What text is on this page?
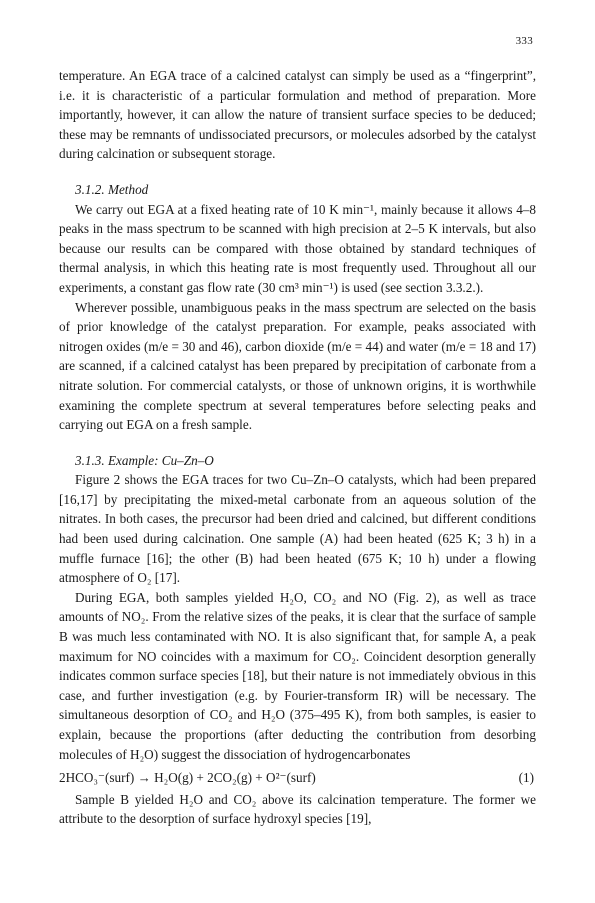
333

temperature. An EGA trace of a calcined catalyst can simply be used as a “fingerprint”, i.e. it is characteristic of a particular formulation and method of preparation. More importantly, however, it can allow the nature of transient surface species to be deduced; these may be remnants of undissociated precursors, or molecules adsorbed by the catalyst during calcination or subsequent storage.

3.1.2. Method

We carry out EGA at a fixed heating rate of 10 K min⁻¹, mainly because it allows 4–8 peaks in the mass spectrum to be scanned with high precision at 2–5 K intervals, but also because our results can be compared with those obtained by standard techniques of thermal analysis, in which this heating rate is most frequently used. Throughout all our experiments, a constant gas flow rate (30 cm³ min⁻¹) is used (see section 3.3.2.).

Wherever possible, unambiguous peaks in the mass spectrum are selected on the basis of prior knowledge of the catalyst preparation. For example, peaks associated with nitrogen oxides (m/e = 30 and 46), carbon dioxide (m/e = 44) and water (m/e = 18 and 17) are scanned, if a calcined catalyst has been prepared by precipitation of carbonate from a nitrate solution. For commercial catalysts, or those of unknown origins, it is worthwhile examining the complete spectrum at several temperatures before selecting peaks and carrying out EGA on a fresh sample.

3.1.3. Example: Cu–Zn–O

Figure 2 shows the EGA traces for two Cu–Zn–O catalysts, which had been prepared [16,17] by precipitating the mixed-metal carbonate from an aqueous solution of the nitrates. In both cases, the precursor had been dried and calcined, but different conditions had been used during calcination. One sample (A) had been heated (625 K; 3 h) in a muffle furnace [16]; the other (B) had been heated (675 K; 10 h) under a flowing atmosphere of O₂ [17].

During EGA, both samples yielded H₂O, CO₂ and NO (Fig. 2), as well as trace amounts of NO₂. From the relative sizes of the peaks, it is clear that the surface of sample B was much less contaminated with NO. It is also significant that, for sample A, a peak maximum for NO coincides with a maximum for CO₂. Coincident desorption generally indicates common surface species [18], but their nature is not immediately obvious in this case, and further investigation (e.g. by Fourier-transform IR) will be necessary. The simultaneous desorption of CO₂ and H₂O (375–495 K), from both samples, is easier to explain, because the proportions (after deducting the contribution from desorbing molecules of H₂O) suggest the dissociation of hydrogencarbonates

2HCO₃⁻(surf) → H₂O(g) + 2CO₂(g) + O²⁻(surf)	(1)

Sample B yielded H₂O and CO₂ above its calcination temperature. The former we attribute to the desorption of surface hydroxyl species [19],
